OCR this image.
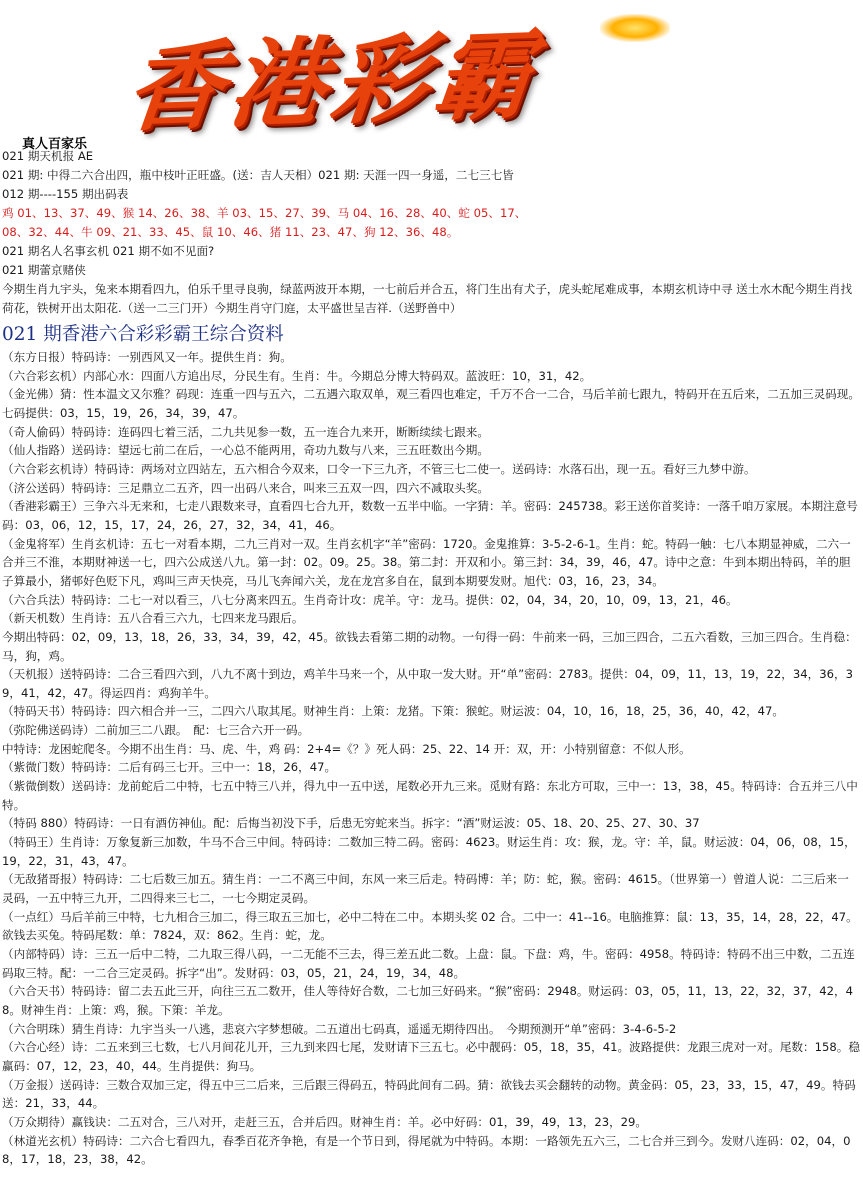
香港彩霸
真人百家乐
021 期天机报 AE
021 期: 中得二六合出四，瓶中枝叶正旺盛。(送：吉人天相）021 期: 天涯一四一身遥，二七三七皆
012 期----155 期出码表
鸡 01、13、37、49、猴 14、26、38、羊 03、15、27、39、马 04、16、28、40、蛇 05、17、
08、32、44、牛 09、21、33、45、鼠 10、46、猪 11、23、47、狗 12、36、48。
021 期名人名事玄机 021 期不如不见面?
021 期蕾京赌侠
今期生肖九宇头，兔来本期看四九，伯乐千里寻良驹，绿蓝两波开本期，一七前后并合五，将门生出有犬子，虎头蛇尾难成事，本期玄机诗中寻 送土水木配今期生肖找荷花，铁树开出太阳花.（送一二三门开）今期生肖守门庭，太平盛世呈吉祥.（送野兽中）
021 期香港六合彩彩霸王综合资料

（东方日报）特码诗：一别西风又一年。提供生肖：狗。

（六合彩玄机）内部心水：四面八方追出尽，分民生有。生肖：牛。今期总分博大特码双。蓝波旺：10，31，42。

（金光佛）猜：性本温文又尔雅？码现：连重一四与五六，二五遇六取双单，观三看四也难定，千万不合一二合，马后羊前七跟九，特码开在五后来，二五加三灵码现。七码提供：03，15，19，26，34，39，47。

（奇人偷码）特码诗：连码四七着三活，二九共见参一数，五一连合九来开，断断续续七跟来。

（仙人指路）送码诗：望远七前二在后，一心总不能两用，奇功九数与八来，三五旺数出今期。

（六合彩玄机诗）特码诗：两场对立四站左，五六相合今双来，口令一下三九齐，不管三七二使一。送码诗：水落石出，现一五。看好三九梦中游。

（济公送码）特码诗：三足鼎立二五齐，四一出码八来合，叫来三五双一四，四六不减取头奖。

（香港彩霸王）三争六斗无来和，七走八跟数来寻，直看四七合九开，数数一五半中临。一字猜：羊。密码：245738。彩王送你首奖诗：一落千咱万家展。本期注意号码：03，06，12，15，17，24，26，27，32，34，41，46。

（金鬼将军）生肖玄机诗：五七一对看本期，二九三肖对一双。生肖玄机字“羊”密码：1720。金鬼推算：3-5-2-6-1。生肖：蛇。特码一触：七八本期显神威，二六一合并三不淮，本期财神送一七，四六公成送八九。第一封：02。09。25。38。第二封：开双和小。第三封：34，39，46，47。诗中之意：牛到本期出特码，羊的胆子算最小，猪邨好色贬下凡，鸡叫三声天快亮，马儿飞奔闻六关，龙在龙宫多自在，鼠到本期要发财。旭代：03，16，23，34。

（六合兵法）特码诗：二七一对以看三，八七分离来四五。生肖奇计攻：虎羊。守：龙马。提供：02，04，34，20，10，09，13，21，46。

（新天机数）生肖诗：五八合看三六九，七四来龙马跟后。

今期出特码：02，09，13，18，26，33，34，39，42，45。欲钱去看第二期的动物。一句得一码：牛前来一码，三加三四合，二五六看数，三加三四合。生肖稳：马，狗，鸡。

（天机报）送特码诗：二合三看四六到，八九不离十到边，鸡羊牛马来一个，从中取一发大财。开“单”密码：2783。提供：04，09，11，13，19，22，34，36，39，41，42，47。得运四肖：鸡狗羊牛。

（特码天书）特码诗：四六相合并一三，二四六八取其尾。财神生肖：上策：龙猪。下策：猴蛇。财运波：04，10，16，18，25，36，40，42，47。

（弥陀佛送码诗）二前加三二八跟。　配：七三合六开一码。

中特诗：龙困蛇爬冬。今期不出生肖：马、虎、牛，鸡 码：2+4=《？》死人码：25、22、14 开：双，开：小特别留意：不似人形。

（紫微门数）特码诗：二后有码三七开。三中一：18，26，47。

（紫微倒数）送码诗：龙前蛇后二中特，七五中特三八并，得九中一五中送，尾数必开九三来。觅财有路：东北方可取，三中一：13，38，45。特码诗：合五并三八中特。

（特码 880）特码诗：一日有酒仿神仙。配：后悔当初没下手，后患无穷蛇来当。拆字：“酒”财运波：05、18、20、25、27、30、37

（特码王）生肖诗：万象复新三加数，牛马不合三中间。特码诗：二数加三特二码。密码：4623。财运生肖：攻：猴，龙。守：羊，鼠。财运波：04，06，08，15，19，22，31，43，47。

（无敌猪哥报）特码诗：二七后数三加五。猜生肖：一二不离三中间，东风一来三后走。特码博：羊；防：蛇，猴。密码：4615。（世界第一）曾道人说：二三后来一灵码，一五中特三九开，二四得来三七二，一七今期定灵码。

（一点红）马后羊前三中特，七九相合三加二，得三取五三加七，必中二特在二中。本期头奖 02 合。二中一：41--16。电脑推算：鼠：13，35，14，28，22，47。欲钱去买兔。特码尾数：单：7824，双：862。生肖：蛇，龙。

（内部特码）诗：三五一后中二特，二九取三得八码，一二无能不三去，得三差五此二数。上盘：鼠。下盘：鸡，牛。密码：4958。特码诗：特码不出三中数，二五连码取三特。配：一二合三定灵码。拆字“出”。发财码：03，05，21，24，19，34，48。

（六合天书）特码诗：留二去五此三开，向往三五二数开，佳人等待好合数，二七加三好码来。“猴”密码：2948。财运码：03，05，11，13，22，32，37，42，48。财神生肖：上策：鸡，猴。下策：羊龙。

（六合明珠）猜生肖诗：九宇当头一八逃，悲哀六字梦想破。二五道出七码真，遥遥无期待四出。　今期预测开“单”密码：3-4-6-5-2

（六合心经）诗：二五来到三七数，七八月间花儿开，三九到来四七尾，发财请下三五七。必中靓码：05，18，35，41。波路提供：龙跟三虎对一对。尾数：158。稳赢码：07，12，23，40，44。生肖提供：狗马。

（万金报）送码诗：三数合双加三定，得五中三二后来，三后跟三得码五，特码此间有二码。猜：欲钱去买会翻转的动物。黄金码：05，23，33，15，47，49。特码送：21，33，44。

（万众期待）赢钱诀：二五对合，三八对开，走赶三五，合并后四。财神生肖：羊。必中好码：01，39，49，13，23，29。

（林道光玄机）特码诗：二六合七看四九，春季百花齐争艳，有是一个节日到，得尾就为中特码。本期：一路领先五六三，二七合并三到今。发财八连码：02，04，08，17，18，23，38，42。
